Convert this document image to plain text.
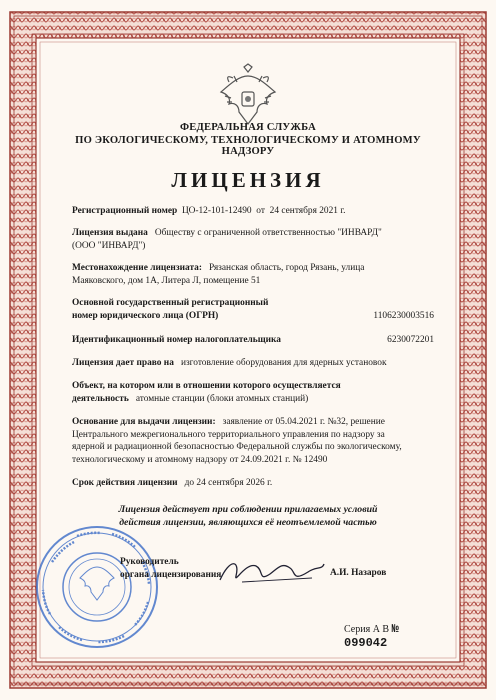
ФЕДЕРАЛЬНАЯ СЛУЖБА
ПО ЭКОЛОГИЧЕСКОМУ, ТЕХНОЛОГИЧЕСКОМУ И АТОМНОМУ НАДЗОРУ
ЛИЦЕНЗИЯ
Регистрационный номер ЦО-12-101-12490 от 24 сентября 2021 г.
Лицензия выдана Обществу с ограниченной ответственностью "ИНВАРД"
(ООО "ИНВАРД")
Местонахождение лицензиата: Рязанская область, город Рязань, улица
Маяковского, дом 1А, Литера Л, помещение 51
Основной государственный регистрационный
номер юридического лица (ОГРН)	1106230003516
Идентификационный номер налогоплательщика	6230072201
Лицензия дает право на изготовление оборудования для ядерных установок
Объект, на котором или в отношении которого осуществляется
деятельность атомные станции (блоки атомных станций)
Основание для выдачи лицензии: заявление от 05.04.2021 г. №32, решение
Центрального межрегионального территориального управления по надзору за
ядерной и радиационной безопасностью Федеральной службы по экологическому,
технологическому и атомному надзору от 24.09.2021 г. № 12490
Срок действия лицензии до 24 сентября 2026 г.
Лицензия действует при соблюдении прилагаемых условий
действия лицензии, являющихся её неотъемлемой частью
Руководитель
органа лицензирования	А.И. Назаров
Серия А В № 099042
